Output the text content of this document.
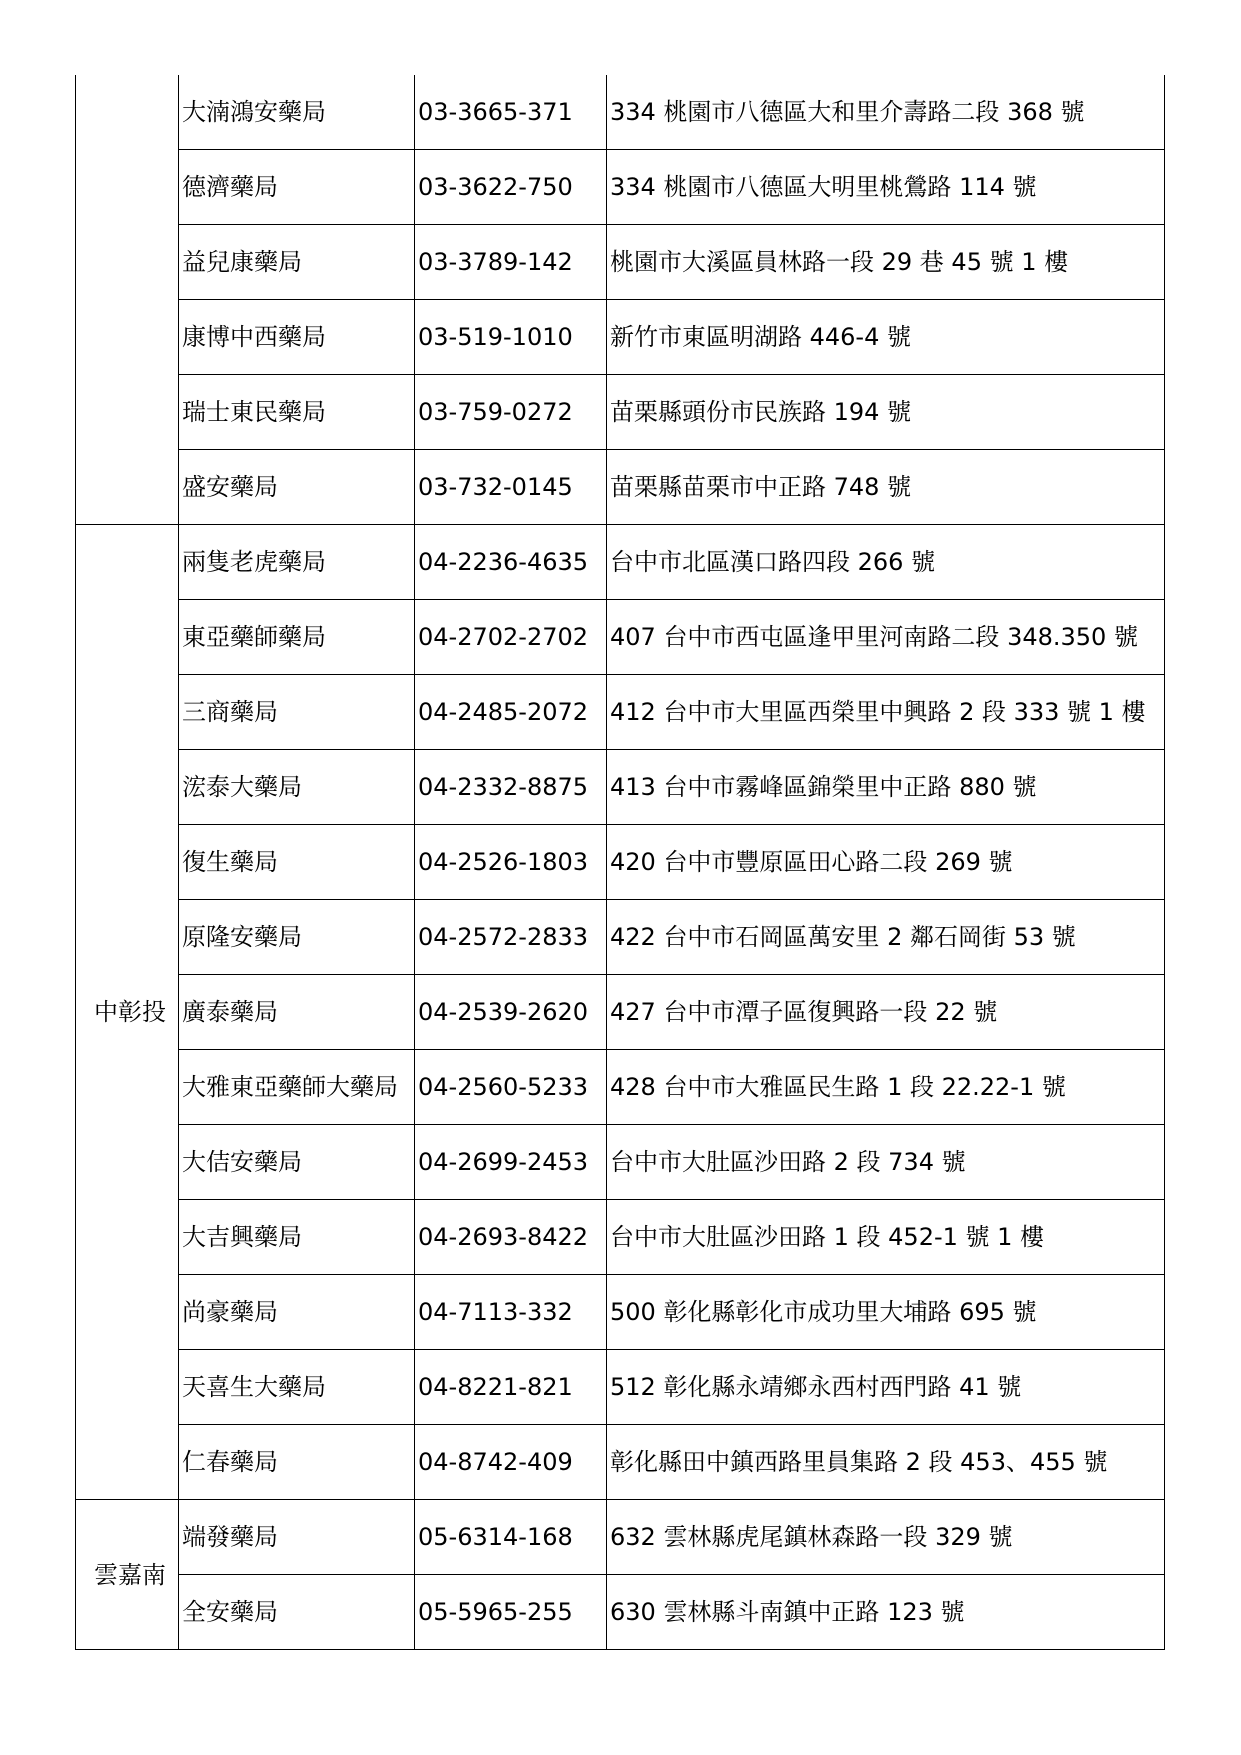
	大湳鴻安藥局	03-3665-371	334 桃園市八德區大和里介壽路二段 368 號
	德濟藥局	03-3622-750	334 桃園市八德區大明里桃鶯路 114 號
	益兒康藥局	03-3789-142	桃園市大溪區員林路一段 29 巷 45 號 1 樓
	康博中西藥局	03-519-1010	新竹市東區明湖路 446-4 號
	瑞士東民藥局	03-759-0272	苗栗縣頭份市民族路 194 號
	盛安藥局	03-732-0145	苗栗縣苗栗市中正路 748 號
中彰投	兩隻老虎藥局	04-2236-4635	台中市北區漢口路四段 266 號
	東亞藥師藥局	04-2702-2702	407 台中市西屯區逢甲里河南路二段 348.350 號
	三商藥局	04-2485-2072	412 台中市大里區西榮里中興路 2 段 333 號 1 樓
	浤泰大藥局	04-2332-8875	413 台中市霧峰區錦榮里中正路 880 號
	復生藥局	04-2526-1803	420 台中市豐原區田心路二段 269 號
	原隆安藥局	04-2572-2833	422 台中市石岡區萬安里 2 鄰石岡街 53 號
	廣泰藥局	04-2539-2620	427 台中市潭子區復興路一段 22 號
	大雅東亞藥師大藥局	04-2560-5233	428 台中市大雅區民生路 1 段 22.22-1 號
	大佶安藥局	04-2699-2453	台中市大肚區沙田路 2 段 734 號
	大吉興藥局	04-2693-8422	台中市大肚區沙田路 1 段 452-1 號 1 樓
	尚豪藥局	04-7113-332	500 彰化縣彰化市成功里大埔路 695 號
	天喜生大藥局	04-8221-821	512 彰化縣永靖鄉永西村西門路 41 號
	仁春藥局	04-8742-409	彰化縣田中鎮西路里員集路 2 段 453、455 號
雲嘉南	端發藥局	05-6314-168	632 雲林縣虎尾鎮林森路一段 329 號
	全安藥局	05-5965-255	630 雲林縣斗南鎮中正路 123 號
